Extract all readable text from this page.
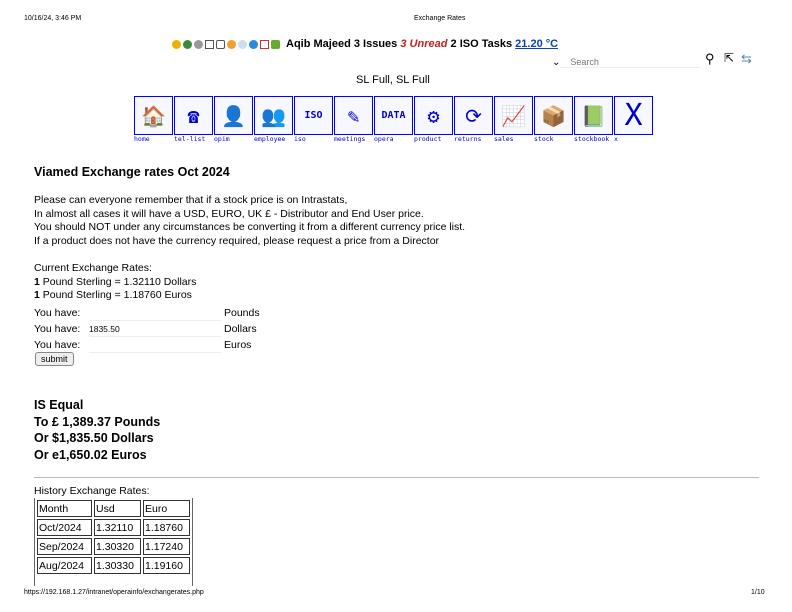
10/16/24, 3:46 PM	Exchange Rates
Aqib Majeed
3
Issues
3
Unread
2
ISO Tasks
21.20 °C
⌄
Search	⚲ ⇱ ⇆
SL Full, SL Full
🏠
home
☎
tel-list
👤
opim
👥
employee
ISO
iso
✎
meetings
DATA
opera
⚙
product
⟳
returns
📈
sales
📦
stock
📗
stockbook
X
x
Viamed Exchange rates Oct 2024
Please can everyone remember that if a stock price is on Intrastats,
In almost all cases it will have a USD, EURO, UK £ - Distributor and End User price.
You should NOT under any circumstances be converting it from a different currency price list.
If a product does not have the currency required, please request a price from a Director
Current Exchange Rates:
1 Pound Sterling = 1.32110 Dollars
1 Pound Sterling = 1.18760 Euros
You have:		Pounds
You have:	1835.50	Dollars
You have:		Euros
submit
IS Equal
To £ 1,389.37 Pounds
Or $1,835.50 Dollars
Or e1,650.02 Euros
History Exchange Rates:
Month	Usd	Euro
Oct/2024	1.32110	1.18760
Sep/2024	1.30320	1.17240
Aug/2024	1.30330	1.19160
https://192.168.1.27/intranet/operainfo/exchangerates.php	1/10
